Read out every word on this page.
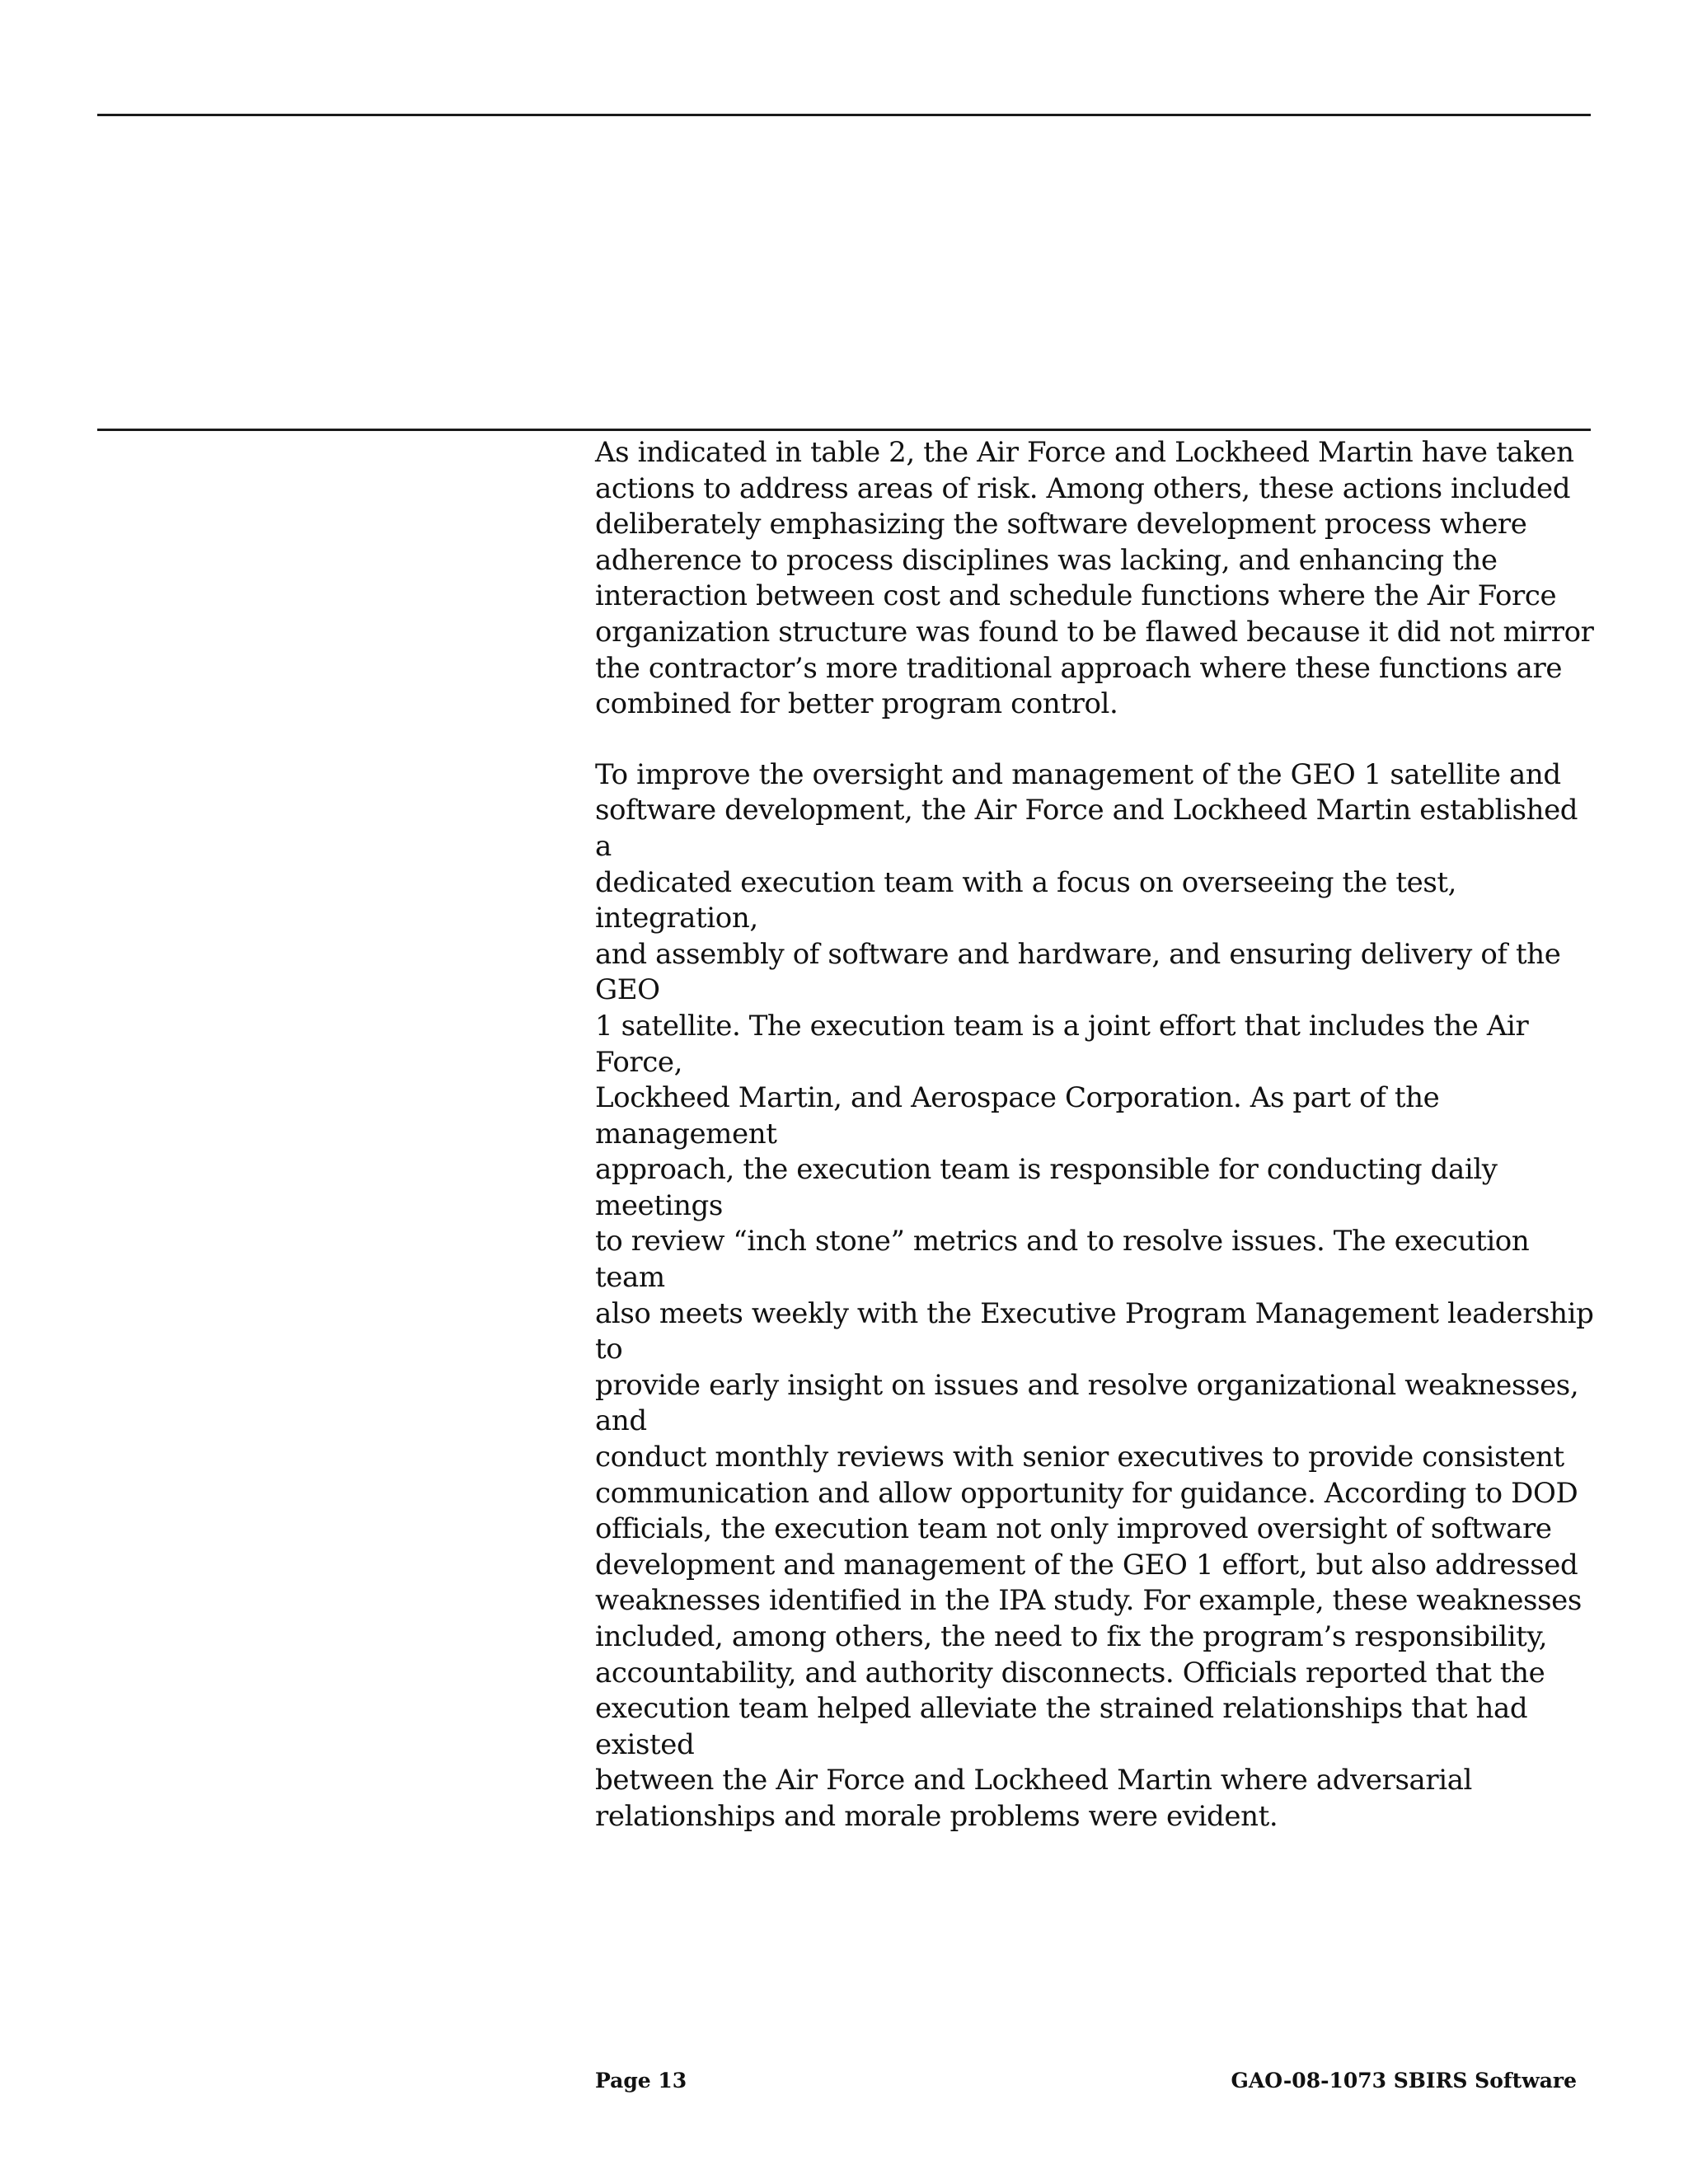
As indicated in table 2, the Air Force and Lockheed Martin have taken
actions to address areas of risk. Among others, these actions included
deliberately emphasizing the software development process where
adherence to process disciplines was lacking, and enhancing the
interaction between cost and schedule functions where the Air Force
organization structure was found to be flawed because it did not mirror
the contractor’s more traditional approach where these functions are
combined for better program control.

To improve the oversight and management of the GEO 1 satellite and
software development, the Air Force and Lockheed Martin established a
dedicated execution team with a focus on overseeing the test, integration,
and assembly of software and hardware, and ensuring delivery of the GEO
1 satellite. The execution team is a joint effort that includes the Air Force,
Lockheed Martin, and Aerospace Corporation. As part of the management
approach, the execution team is responsible for conducting daily meetings
to review “inch stone” metrics and to resolve issues. The execution team
also meets weekly with the Executive Program Management leadership to
provide early insight on issues and resolve organizational weaknesses, and
conduct monthly reviews with senior executives to provide consistent
communication and allow opportunity for guidance. According to DOD
officials, the execution team not only improved oversight of software
development and management of the GEO 1 effort, but also addressed
weaknesses identified in the IPA study. For example, these weaknesses
included, among others, the need to fix the program’s responsibility,
accountability, and authority disconnects. Officials reported that the
execution team helped alleviate the strained relationships that had existed
between the Air Force and Lockheed Martin where adversarial
relationships and morale problems were evident.

Page 13	GAO-08-1073 SBIRS Software
